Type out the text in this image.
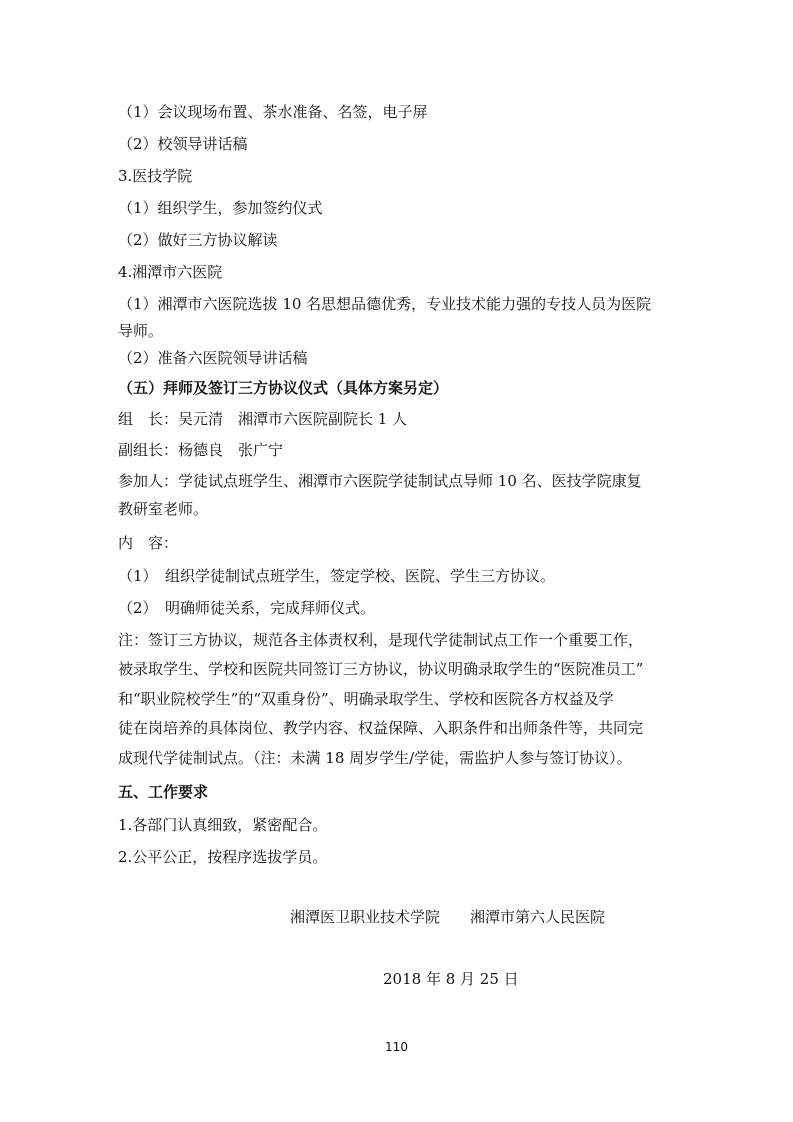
（1）会议现场布置、茶水准备、名签，电子屏
（2）校领导讲话稿
3.医技学院
（1）组织学生，参加签约仪式
（2）做好三方协议解读
4.湘潭市六医院
（1）湘潭市六医院选拔 10 名思想品德优秀，专业技术能力强的专技人员为医院
导师。
（2）准备六医院领导讲话稿
（五）拜师及签订三方协议仪式（具体方案另定）
组　长：吴元清　湘潭市六医院副院长 1 人
副组长：杨德良　张广宁
参加人：学徒试点班学生、湘潭市六医院学徒制试点导师 10 名、医技学院康复
教研室老师。
内　容：
（1）　组织学徒制试点班学生，签定学校、医院、学生三方协议。
（2）　明确师徒关系，完成拜师仪式。
注：签订三方协议，规范各主体责权利，是现代学徒制试点工作一个重要工作，
被录取学生、学校和医院共同签订三方协议，协议明确录取学生的“医院准员工”
和“职业院校学生”的“双重身份”、明确录取学生、学校和医院各方权益及学
徒在岗培养的具体岗位、教学内容、权益保障、入职条件和出师条件等，共同完
成现代学徒制试点。（注：未满 18 周岁学生/学徒，需监护人参与签订协议）。
五、工作要求
1.各部门认真细致，紧密配合。
2.公平公正，按程序选拔学员。
湘潭医卫职业技术学院　　湘潭市第六人民医院
2018 年 8 月 25 日
110
